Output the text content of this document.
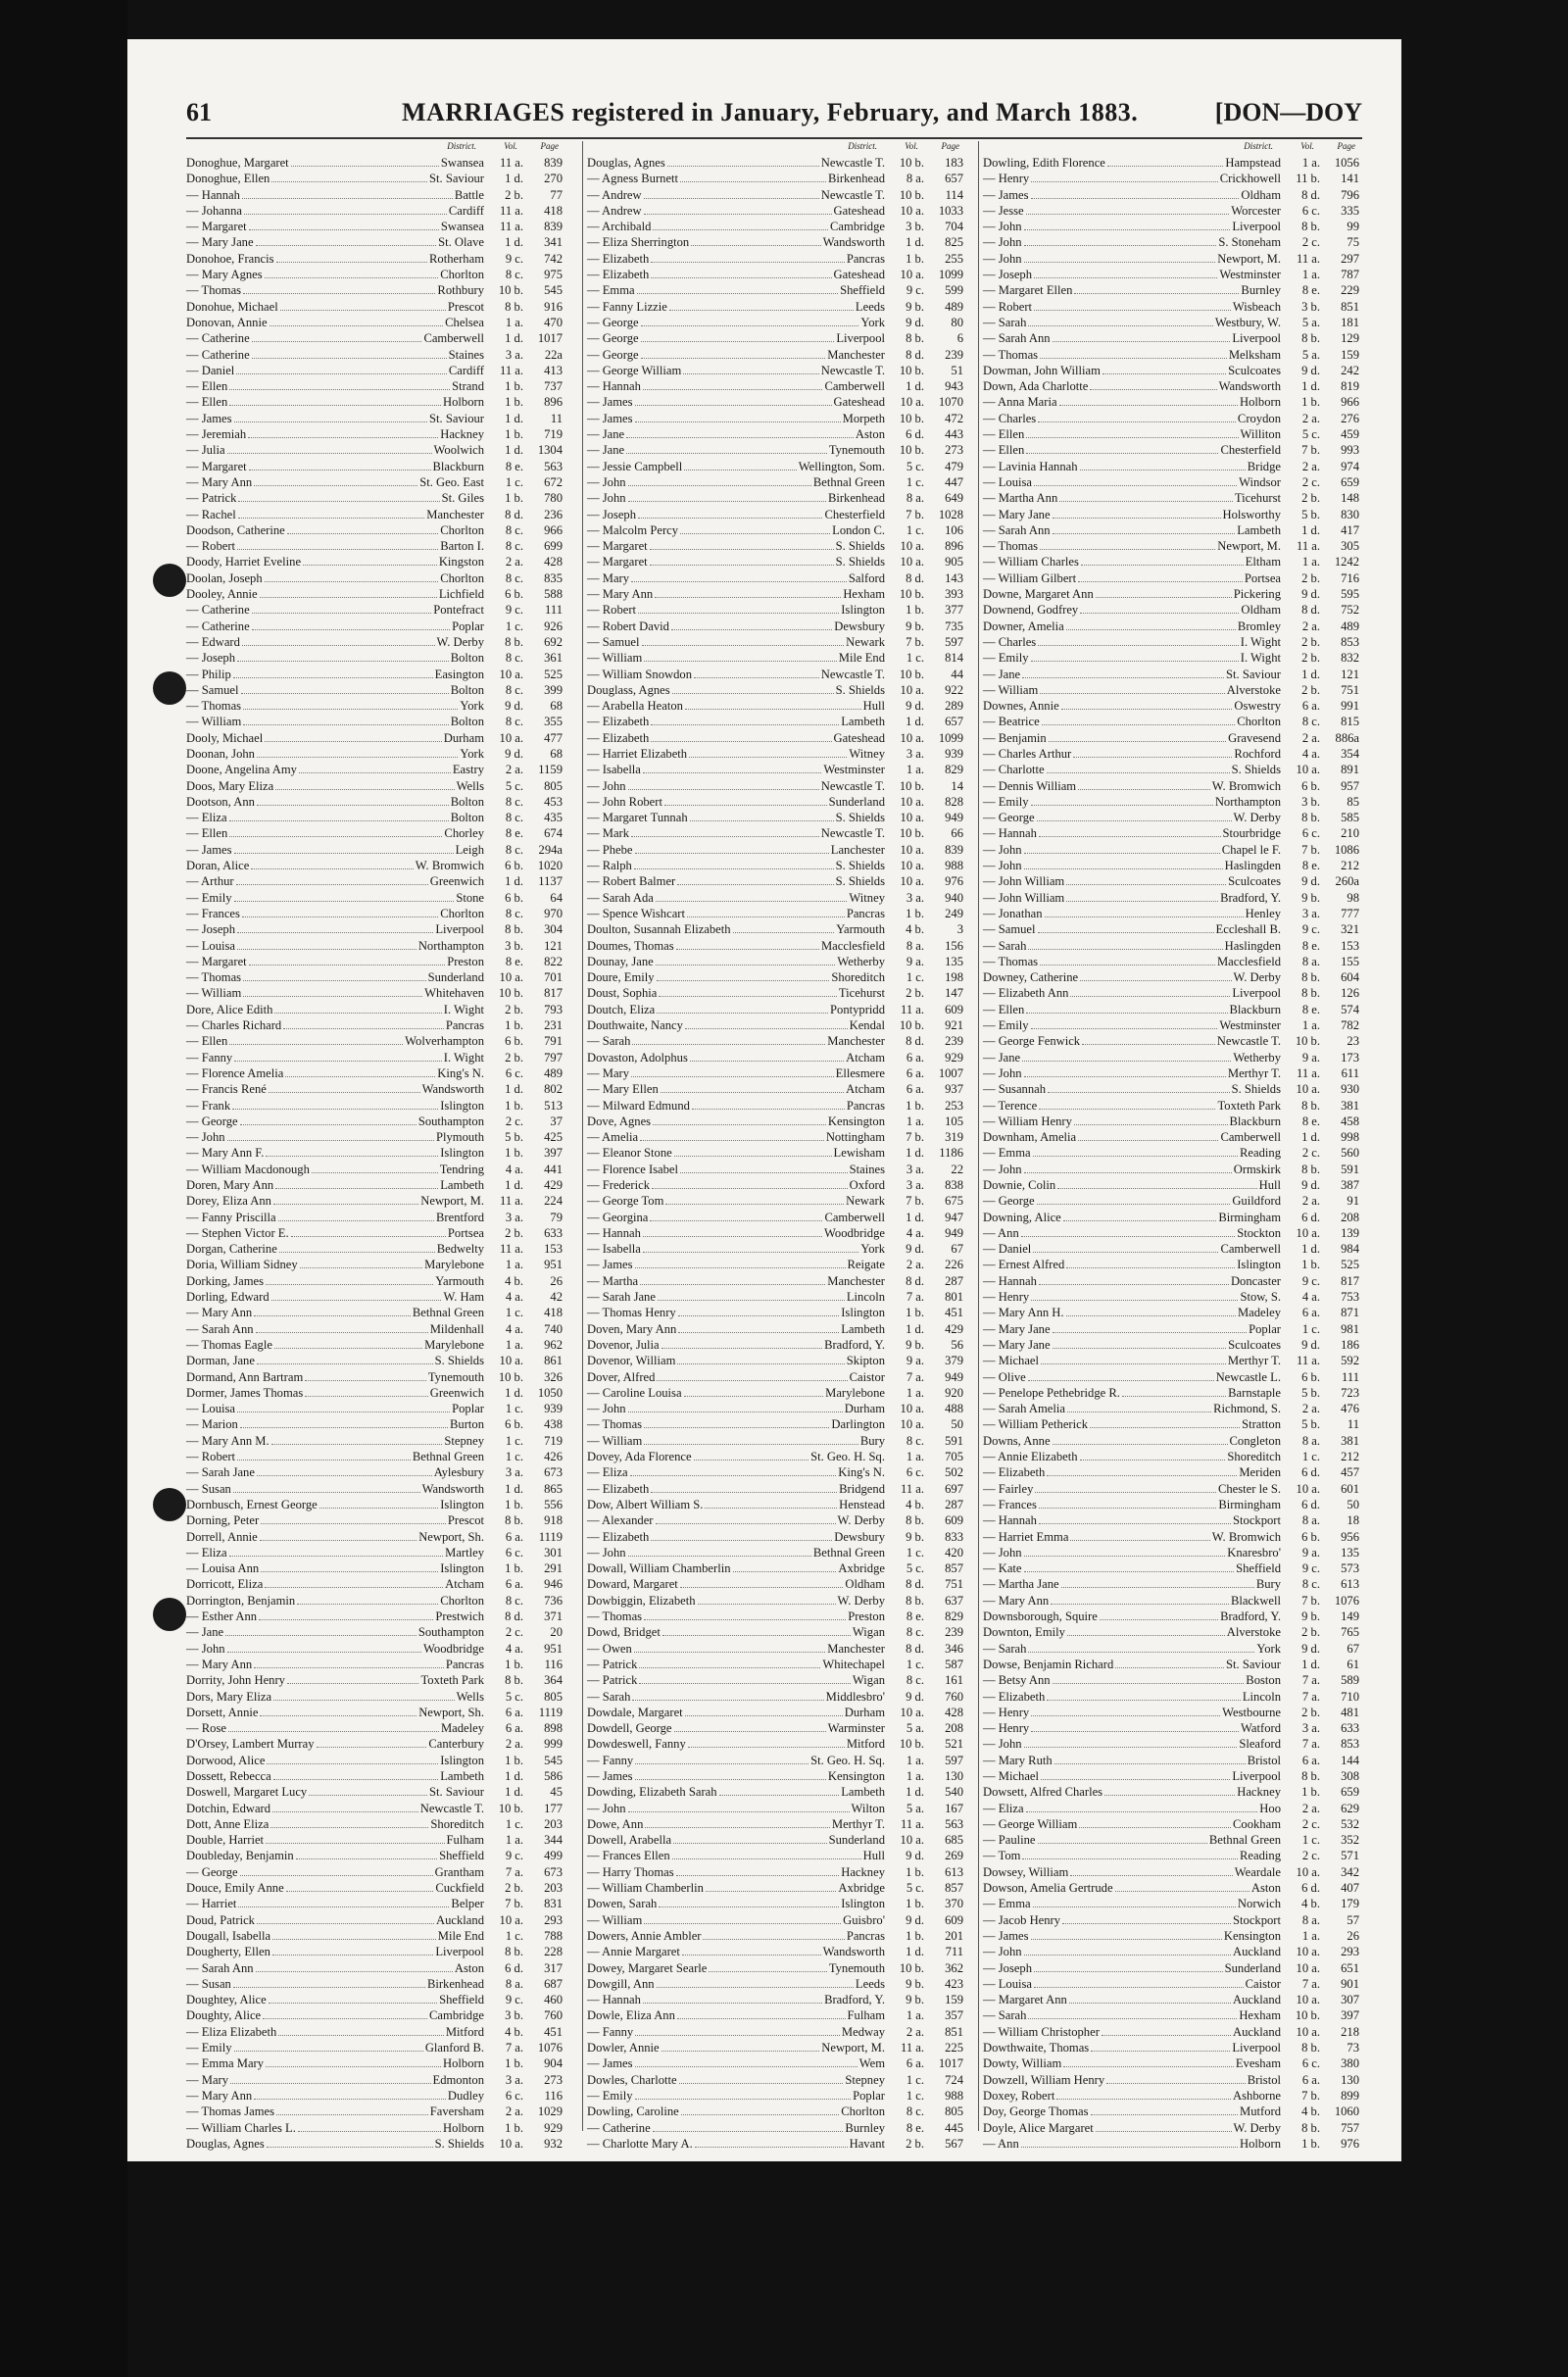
61	MARRIAGES registered in January, February, and March 1883.	[DON—DOY
District.	Vol.	Page
Donoghue, Margaret	Swansea	11 a.	839
Donoghue, Ellen	St. Saviour	1 d.	270
— Hannah	Battle	2 b.	77
— Johanna	Cardiff	11 a.	418
— Margaret	Swansea	11 a.	839
— Mary Jane	St. Olave	1 d.	341
Donohoe, Francis	Rotherham	9 c.	742
— Mary Agnes	Chorlton	8 c.	975
— Thomas	Rothbury	10 b.	545
Donohue, Michael	Prescot	8 b.	916
Donovan, Annie	Chelsea	1 a.	470
— Catherine	Camberwell	1 d.	1017
— Catherine	Staines	3 a.	22a
— Daniel	Cardiff	11 a.	413
— Ellen	Strand	1 b.	737
— Ellen	Holborn	1 b.	896
— James	St. Saviour	1 d.	11
— Jeremiah	Hackney	1 b.	719
— Julia	Woolwich	1 d.	1304
— Margaret	Blackburn	8 e.	563
— Mary Ann	St. Geo. East	1 c.	672
— Patrick	St. Giles	1 b.	780
— Rachel	Manchester	8 d.	236
Doodson, Catherine	Chorlton	8 c.	966
— Robert	Barton I.	8 c.	699
Doody, Harriet Eveline	Kingston	2 a.	428
Doolan, Joseph	Chorlton	8 c.	835
Dooley, Annie	Lichfield	6 b.	588
— Catherine	Pontefract	9 c.	111
— Catherine	Poplar	1 c.	926
— Edward	W. Derby	8 b.	692
— Joseph	Bolton	8 c.	361
— Philip	Easington	10 a.	525
— Samuel	Bolton	8 c.	399
— Thomas	York	9 d.	68
— William	Bolton	8 c.	355
Dooly, Michael	Durham	10 a.	477
Doonan, John	York	9 d.	68
Doone, Angelina Amy	Eastry	2 a.	1159
Doos, Mary Eliza	Wells	5 c.	805
Dootson, Ann	Bolton	8 c.	453
— Eliza	Bolton	8 c.	435
— Ellen	Chorley	8 e.	674
— James	Leigh	8 c.	294a
Doran, Alice	W. Bromwich	6 b.	1020
— Arthur	Greenwich	1 d.	1137
— Emily	Stone	6 b.	64
— Frances	Chorlton	8 c.	970
— Joseph	Liverpool	8 b.	304
— Louisa	Northampton	3 b.	121
— Margaret	Preston	8 e.	822
— Thomas	Sunderland	10 a.	701
— William	Whitehaven	10 b.	817
Dore, Alice Edith	I. Wight	2 b.	793
— Charles Richard	Pancras	1 b.	231
— Ellen	Wolverhampton	6 b.	791
— Fanny	I. Wight	2 b.	797
— Florence Amelia	King's N.	6 c.	489
— Francis René	Wandsworth	1 d.	802
— Frank	Islington	1 b.	513
— George	Southampton	2 c.	37
— John	Plymouth	5 b.	425
— Mary Ann F.	Islington	1 b.	397
— William Macdonough	Tendring	4 a.	441
Doren, Mary Ann	Lambeth	1 d.	429
Dorey, Eliza Ann	Newport, M.	11 a.	224
— Fanny Priscilla	Brentford	3 a.	79
— Stephen Victor E.	Portsea	2 b.	633
Dorgan, Catherine	Bedwelty	11 a.	153
Doria, William Sidney	Marylebone	1 a.	951
Dorking, James	Yarmouth	4 b.	26
Dorling, Edward	W. Ham	4 a.	42
— Mary Ann	Bethnal Green	1 c.	418
— Sarah Ann	Mildenhall	4 a.	740
— Thomas Eagle	Marylebone	1 a.	962
Dorman, Jane	S. Shields	10 a.	861
Dormand, Ann Bartram	Tynemouth	10 b.	326
Dormer, James Thomas	Greenwich	1 d.	1050
— Louisa	Poplar	1 c.	939
— Marion	Burton	6 b.	438
— Mary Ann M.	Stepney	1 c.	719
— Robert	Bethnal Green	1 c.	426
— Sarah Jane	Aylesbury	3 a.	673
— Susan	Wandsworth	1 d.	865
Dornbusch, Ernest George	Islington	1 b.	556
Dorning, Peter	Prescot	8 b.	918
Dorrell, Annie	Newport, Sh.	6 a.	1119
— Eliza	Martley	6 c.	301
— Louisa Ann	Islington	1 b.	291
Dorricott, Eliza	Atcham	6 a.	946
Dorrington, Benjamin	Chorlton	8 c.	736
— Esther Ann	Prestwich	8 d.	371
— Jane	Southampton	2 c.	20
— John	Woodbridge	4 a.	951
— Mary Ann	Pancras	1 b.	116
Dorrity, John Henry	Toxteth Park	8 b.	364
Dors, Mary Eliza	Wells	5 c.	805
Dorsett, Annie	Newport, Sh.	6 a.	1119
— Rose	Madeley	6 a.	898
D'Orsey, Lambert Murray	Canterbury	2 a.	999
Dorwood, Alice	Islington	1 b.	545
Dossett, Rebecca	Lambeth	1 d.	586
Doswell, Margaret Lucy	St. Saviour	1 d.	45
Dotchin, Edward	Newcastle T.	10 b.	177
Dott, Anne Eliza	Shoreditch	1 c.	203
Double, Harriet	Fulham	1 a.	344
Doubleday, Benjamin	Sheffield	9 c.	499
— George	Grantham	7 a.	673
Douce, Emily Anne	Cuckfield	2 b.	203
— Harriet	Belper	7 b.	831
Doud, Patrick	Auckland	10 a.	293
Dougall, Isabella	Mile End	1 c.	788
Dougherty, Ellen	Liverpool	8 b.	228
— Sarah Ann	Aston	6 d.	317
— Susan	Birkenhead	8 a.	687
Doughtey, Alice	Sheffield	9 c.	460
Doughty, Alice	Cambridge	3 b.	760
— Eliza Elizabeth	Mitford	4 b.	451
— Emily	Glanford B.	7 a.	1076
— Emma Mary	Holborn	1 b.	904
— Mary	Edmonton	3 a.	273
— Mary Ann	Dudley	6 c.	116
— Thomas James	Faversham	2 a.	1029
— William Charles L.	Holborn	1 b.	929
Douglas, Agnes	S. Shields	10 a.	932
District.	Vol.	Page
Douglas, Agnes	Newcastle T.	10 b.	183
— Agness Burnett	Birkenhead	8 a.	657
— Andrew	Newcastle T.	10 b.	114
— Andrew	Gateshead	10 a.	1033
— Archibald	Cambridge	3 b.	704
— Eliza Sherrington	Wandsworth	1 d.	825
— Elizabeth	Pancras	1 b.	255
— Elizabeth	Gateshead	10 a.	1099
— Emma	Sheffield	9 c.	599
— Fanny Lizzie	Leeds	9 b.	489
— George	York	9 d.	80
— George	Liverpool	8 b.	6
— George	Manchester	8 d.	239
— George William	Newcastle T.	10 b.	51
— Hannah	Camberwell	1 d.	943
— James	Gateshead	10 a.	1070
— James	Morpeth	10 b.	472
— Jane	Aston	6 d.	443
— Jane	Tynemouth	10 b.	273
— Jessie Campbell	Wellington, Som.	5 c.	479
— John	Bethnal Green	1 c.	447
— John	Birkenhead	8 a.	649
— Joseph	Chesterfield	7 b.	1028
— Malcolm Percy	London C.	1 c.	106
— Margaret	S. Shields	10 a.	896
— Margaret	S. Shields	10 a.	905
— Mary	Salford	8 d.	143
— Mary Ann	Hexham	10 b.	393
— Robert	Islington	1 b.	377
— Robert David	Dewsbury	9 b.	735
— Samuel	Newark	7 b.	597
— William	Mile End	1 c.	814
— William Snowdon	Newcastle T.	10 b.	44
Douglass, Agnes	S. Shields	10 a.	922
— Arabella Heaton	Hull	9 d.	289
— Elizabeth	Lambeth	1 d.	657
— Elizabeth	Gateshead	10 a.	1099
— Harriet Elizabeth	Witney	3 a.	939
— Isabella	Westminster	1 a.	829
— John	Newcastle T.	10 b.	14
— John Robert	Sunderland	10 a.	828
— Margaret Tunnah	S. Shields	10 a.	949
— Mark	Newcastle T.	10 b.	66
— Phebe	Lanchester	10 a.	839
— Ralph	S. Shields	10 a.	988
— Robert Balmer	S. Shields	10 a.	976
— Sarah Ada	Witney	3 a.	940
— Spence Wishcart	Pancras	1 b.	249
Doulton, Susannah Elizabeth	Yarmouth	4 b.	3
Doumes, Thomas	Macclesfield	8 a.	156
Dounay, Jane	Wetherby	9 a.	135
Doure, Emily	Shoreditch	1 c.	198
Doust, Sophia	Ticehurst	2 b.	147
Doutch, Eliza	Pontypridd	11 a.	609
Douthwaite, Nancy	Kendal	10 b.	921
— Sarah	Manchester	8 d.	239
Dovaston, Adolphus	Atcham	6 a.	929
— Mary	Ellesmere	6 a.	1007
— Mary Ellen	Atcham	6 a.	937
— Milward Edmund	Pancras	1 b.	253
Dove, Agnes	Kensington	1 a.	105
— Amelia	Nottingham	7 b.	319
— Eleanor Stone	Lewisham	1 d.	1186
— Florence Isabel	Staines	3 a.	22
— Frederick	Oxford	3 a.	838
— George Tom	Newark	7 b.	675
— Georgina	Camberwell	1 d.	947
— Hannah	Woodbridge	4 a.	949
— Isabella	York	9 d.	67
— James	Reigate	2 a.	226
— Martha	Manchester	8 d.	287
— Sarah Jane	Lincoln	7 a.	801
— Thomas Henry	Islington	1 b.	451
Doven, Mary Ann	Lambeth	1 d.	429
Dovenor, Julia	Bradford, Y.	9 b.	56
Dovenor, William	Skipton	9 a.	379
Dover, Alfred	Caistor	7 a.	949
— Caroline Louisa	Marylebone	1 a.	920
— John	Durham	10 a.	488
— Thomas	Darlington	10 a.	50
— William	Bury	8 c.	591
Dovey, Ada Florence	St. Geo. H. Sq.	1 a.	705
— Eliza	King's N.	6 c.	502
— Elizabeth	Bridgend	11 a.	697
Dow, Albert William S.	Henstead	4 b.	287
— Alexander	W. Derby	8 b.	609
— Elizabeth	Dewsbury	9 b.	833
— John	Bethnal Green	1 c.	420
Dowall, William Chamberlin	Axbridge	5 c.	857
Doward, Margaret	Oldham	8 d.	751
Dowbiggin, Elizabeth	W. Derby	8 b.	637
— Thomas	Preston	8 e.	829
Dowd, Bridget	Wigan	8 c.	239
— Owen	Manchester	8 d.	346
— Patrick	Whitechapel	1 c.	587
— Patrick	Wigan	8 c.	161
— Sarah	Middlesbro'	9 d.	760
Dowdale, Margaret	Durham	10 a.	428
Dowdell, George	Warminster	5 a.	208
Dowdeswell, Fanny	Mitford	10 b.	521
— Fanny	St. Geo. H. Sq.	1 a.	597
— James	Kensington	1 a.	130
Dowding, Elizabeth Sarah	Lambeth	1 d.	540
— John	Wilton	5 a.	167
Dowe, Ann	Merthyr T.	11 a.	563
Dowell, Arabella	Sunderland	10 a.	685
— Frances Ellen	Hull	9 d.	269
— Harry Thomas	Hackney	1 b.	613
— William Chamberlin	Axbridge	5 c.	857
Dowen, Sarah	Islington	1 b.	370
— William	Guisbro'	9 d.	609
Dowers, Annie Ambler	Pancras	1 b.	201
— Annie Margaret	Wandsworth	1 d.	711
Dowey, Margaret Searle	Tynemouth	10 b.	362
Dowgill, Ann	Leeds	9 b.	423
— Hannah	Bradford, Y.	9 b.	159
Dowle, Eliza Ann	Fulham	1 a.	357
— Fanny	Medway	2 a.	851
Dowler, Annie	Newport, M.	11 a.	225
— James	Wem	6 a.	1017
Dowles, Charlotte	Stepney	1 c.	724
— Emily	Poplar	1 c.	988
Dowling, Caroline	Chorlton	8 c.	805
— Catherine	Burnley	8 e.	445
— Charlotte Mary A.	Havant	2 b.	567
District.	Vol.	Page
Dowling, Edith Florence	Hampstead	1 a.	1056
— Henry	Crickhowell	11 b.	141
— James	Oldham	8 d.	796
— Jesse	Worcester	6 c.	335
— John	Liverpool	8 b.	99
— John	S. Stoneham	2 c.	75
— John	Newport, M.	11 a.	297
— Joseph	Westminster	1 a.	787
— Margaret Ellen	Burnley	8 e.	229
— Robert	Wisbeach	3 b.	851
— Sarah	Westbury, W.	5 a.	181
— Sarah Ann	Liverpool	8 b.	129
— Thomas	Melksham	5 a.	159
Dowman, John William	Sculcoates	9 d.	242
Down, Ada Charlotte	Wandsworth	1 d.	819
— Anna Maria	Holborn	1 b.	966
— Charles	Croydon	2 a.	276
— Ellen	Williton	5 c.	459
— Ellen	Chesterfield	7 b.	993
— Lavinia Hannah	Bridge	2 a.	974
— Louisa	Windsor	2 c.	659
— Martha Ann	Ticehurst	2 b.	148
— Mary Jane	Holsworthy	5 b.	830
— Sarah Ann	Lambeth	1 d.	417
— Thomas	Newport, M.	11 a.	305
— William Charles	Eltham	1 a.	1242
— William Gilbert	Portsea	2 b.	716
Downe, Margaret Ann	Pickering	9 d.	595
Downend, Godfrey	Oldham	8 d.	752
Downer, Amelia	Bromley	2 a.	489
— Charles	I. Wight	2 b.	853
— Emily	I. Wight	2 b.	832
— Jane	St. Saviour	1 d.	121
— William	Alverstoke	2 b.	751
Downes, Annie	Oswestry	6 a.	991
— Beatrice	Chorlton	8 c.	815
— Benjamin	Gravesend	2 a.	886a
— Charles Arthur	Rochford	4 a.	354
— Charlotte	S. Shields	10 a.	891
— Dennis William	W. Bromwich	6 b.	957
— Emily	Northampton	3 b.	85
— George	W. Derby	8 b.	585
— Hannah	Stourbridge	6 c.	210
— John	Chapel le F.	7 b.	1086
— John	Haslingden	8 e.	212
— John William	Sculcoates	9 d.	260a
— John William	Bradford, Y.	9 b.	98
— Jonathan	Henley	3 a.	777
— Samuel	Eccleshall B.	9 c.	321
— Sarah	Haslingden	8 e.	153
— Thomas	Macclesfield	8 a.	155
Downey, Catherine	W. Derby	8 b.	604
— Elizabeth Ann	Liverpool	8 b.	126
— Ellen	Blackburn	8 e.	574
— Emily	Westminster	1 a.	782
— George Fenwick	Newcastle T.	10 b.	23
— Jane	Wetherby	9 a.	173
— John	Merthyr T.	11 a.	611
— Susannah	S. Shields	10 a.	930
— Terence	Toxteth Park	8 b.	381
— William Henry	Blackburn	8 e.	458
Downham, Amelia	Camberwell	1 d.	998
— Emma	Reading	2 c.	560
— John	Ormskirk	8 b.	591
Downie, Colin	Hull	9 d.	387
— George	Guildford	2 a.	91
Downing, Alice	Birmingham	6 d.	208
— Ann	Stockton	10 a.	139
— Daniel	Camberwell	1 d.	984
— Ernest Alfred	Islington	1 b.	525
— Hannah	Doncaster	9 c.	817
— Henry	Stow, S.	4 a.	753
— Mary Ann H.	Madeley	6 a.	871
— Mary Jane	Poplar	1 c.	981
— Mary Jane	Sculcoates	9 d.	186
— Michael	Merthyr T.	11 a.	592
— Olive	Newcastle L.	6 b.	111
— Penelope Pethebridge R.	Barnstaple	5 b.	723
— Sarah Amelia	Richmond, S.	2 a.	476
— William Petherick	Stratton	5 b.	11
Downs, Anne	Congleton	8 a.	381
— Annie Elizabeth	Shoreditch	1 c.	212
— Elizabeth	Meriden	6 d.	457
— Fairley	Chester le S.	10 a.	601
— Frances	Birmingham	6 d.	50
— Hannah	Stockport	8 a.	18
— Harriet Emma	W. Bromwich	6 b.	956
— John	Knaresbro'	9 a.	135
— Kate	Sheffield	9 c.	573
— Martha Jane	Bury	8 c.	613
— Mary Ann	Blackwell	7 b.	1076
Downsborough, Squire	Bradford, Y.	9 b.	149
Downton, Emily	Alverstoke	2 b.	765
— Sarah	York	9 d.	67
Dowse, Benjamin Richard	St. Saviour	1 d.	61
— Betsy Ann	Boston	7 a.	589
— Elizabeth	Lincoln	7 a.	710
— Henry	Westbourne	2 b.	481
— Henry	Watford	3 a.	633
— John	Sleaford	7 a.	853
— Mary Ruth	Bristol	6 a.	144
— Michael	Liverpool	8 b.	308
Dowsett, Alfred Charles	Hackney	1 b.	659
— Eliza	Hoo	2 a.	629
— George William	Cookham	2 c.	532
— Pauline	Bethnal Green	1 c.	352
— Tom	Reading	2 c.	571
Dowsey, William	Weardale	10 a.	342
Dowson, Amelia Gertrude	Aston	6 d.	407
— Emma	Norwich	4 b.	179
— Jacob Henry	Stockport	8 a.	57
— James	Kensington	1 a.	26
— John	Auckland	10 a.	293
— Joseph	Sunderland	10 a.	651
— Louisa	Caistor	7 a.	901
— Margaret Ann	Auckland	10 a.	307
— Sarah	Hexham	10 b.	397
— William Christopher	Auckland	10 a.	218
Dowthwaite, Thomas	Liverpool	8 b.	73
Dowty, William	Evesham	6 c.	380
Dowzell, William Henry	Bristol	6 a.	130
Doxey, Robert	Ashborne	7 b.	899
Doy, George Thomas	Mutford	4 b.	1060
Doyle, Alice Margaret	W. Derby	8 b.	757
— Ann	Holborn	1 b.	976
